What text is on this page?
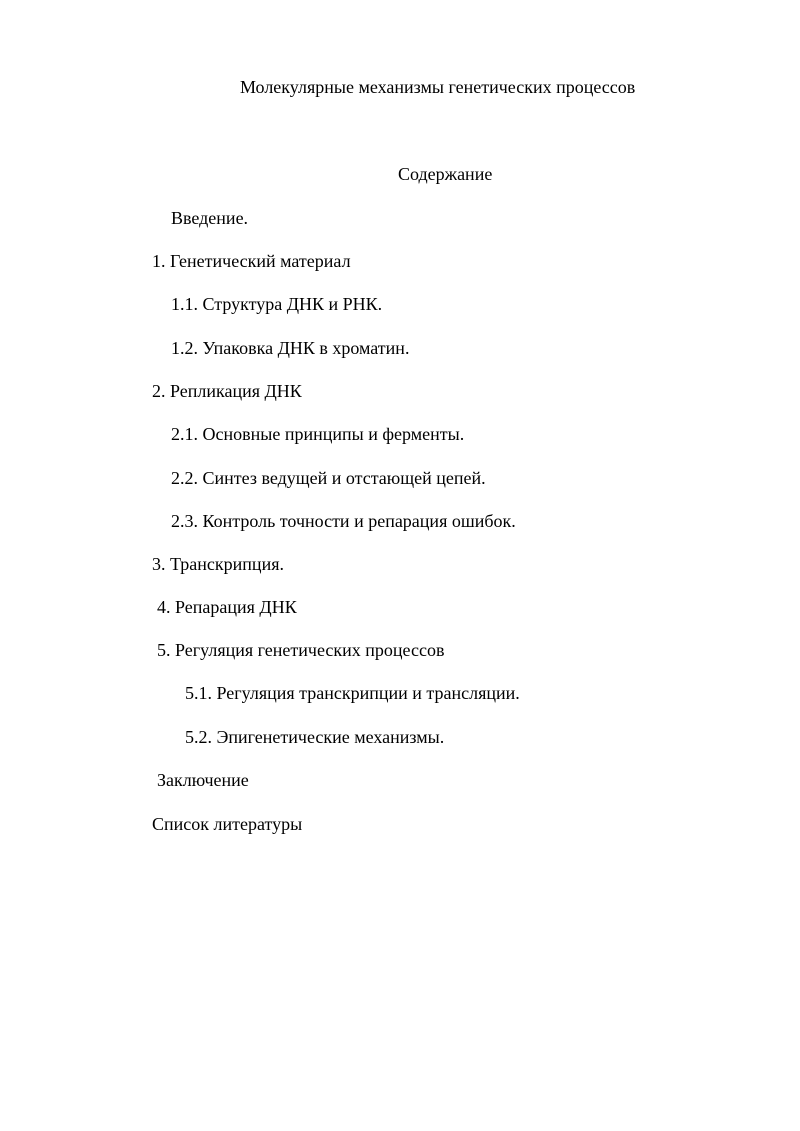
Молекулярные механизмы генетических процессов
Содержание
Введение.
1. Генетический материал
1.1. Структура ДНК и РНК.
1.2. Упаковка ДНК в хроматин.
2. Репликация ДНК
2.1. Основные принципы и ферменты.
2.2. Синтез ведущей и отстающей цепей.
2.3. Контроль точности и репарация ошибок.
3. Транскрипция.
4. Репарация ДНК
5. Регуляция генетических процессов
5.1. Регуляция транскрипции и трансляции.
5.2. Эпигенетические механизмы.
Заключение
Список литературы
